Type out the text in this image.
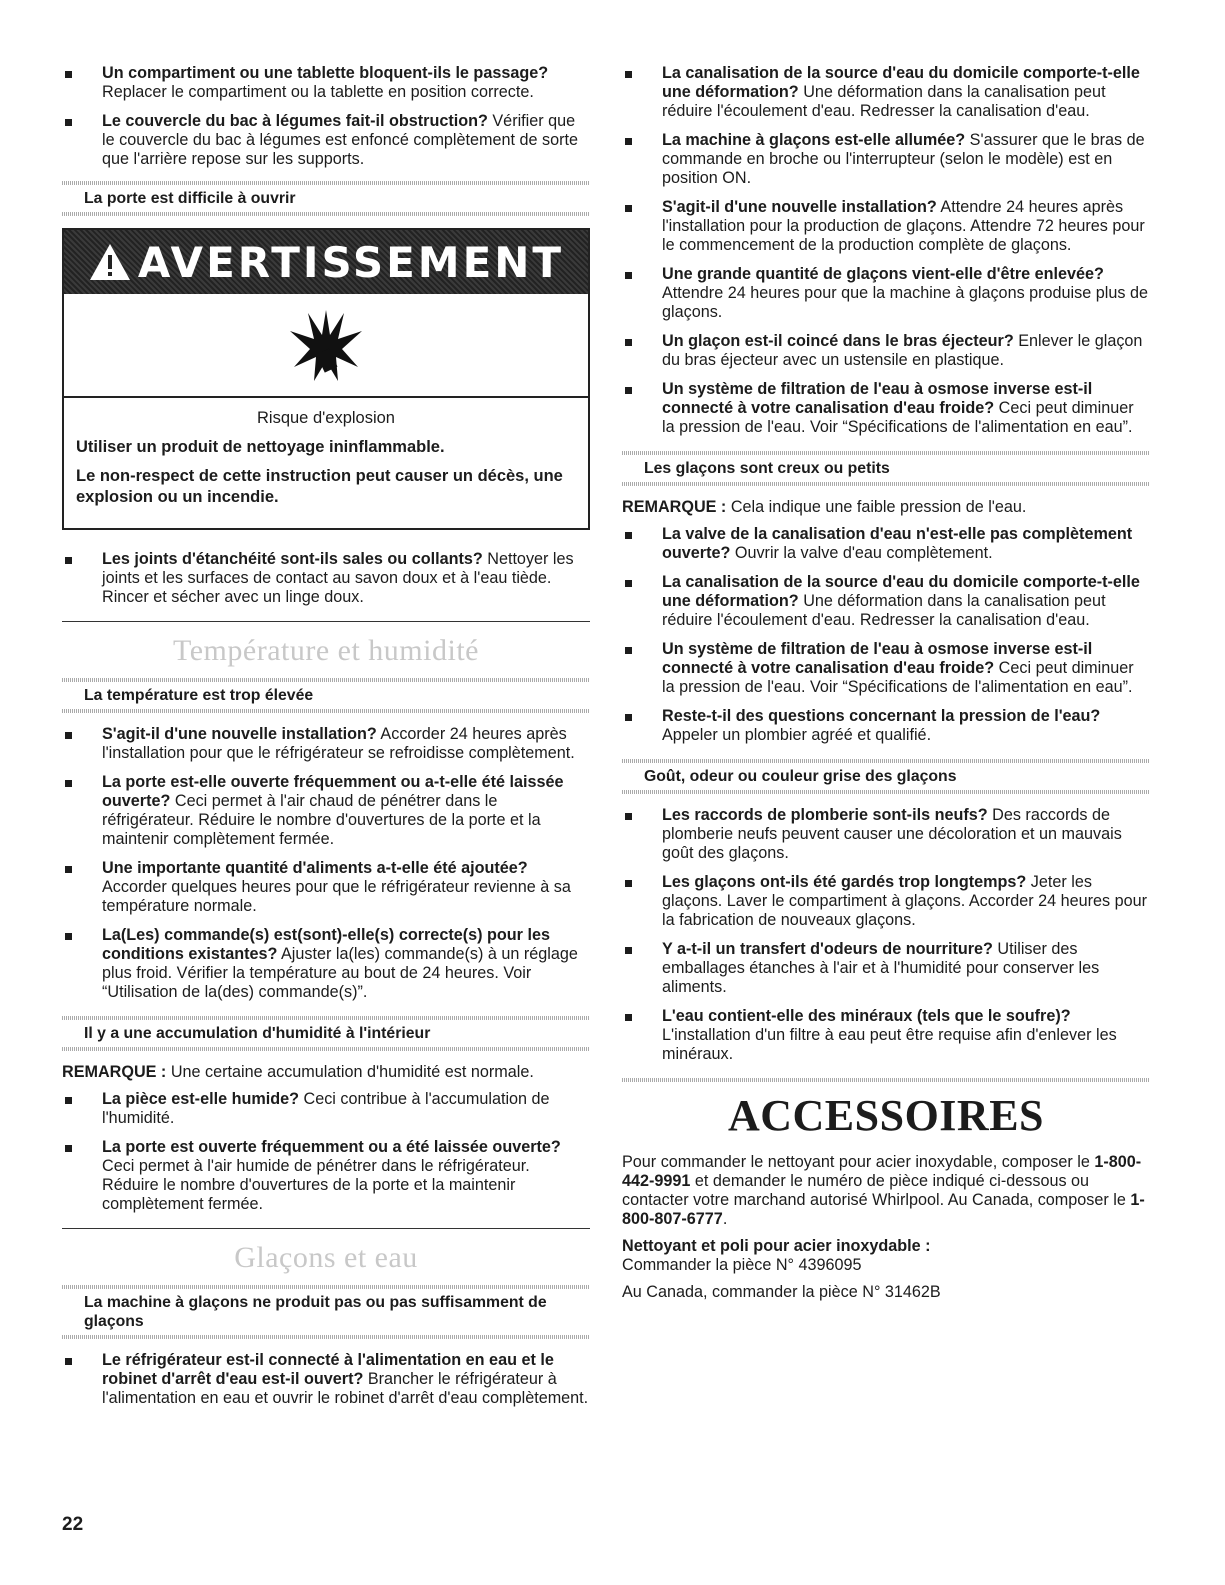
Un compartiment ou une tablette bloquent-ils le passage? Replacer le compartiment ou la tablette en position correcte.

Le couvercle du bac à légumes fait-il obstruction? Vérifier que le couvercle du bac à légumes est enfoncé complètement de sorte que l'arrière repose sur les supports.

La porte est difficile à ouvrir
AVERTISSEMENT

Risque d'explosion

Utiliser un produit de nettoyage ininflammable.

Le non-respect de cette instruction peut causer un décès, une explosion ou un incendie.

Les joints d'étanchéité sont-ils sales ou collants? Nettoyer les joints et les surfaces de contact au savon doux et à l'eau tiède. Rincer et sécher avec un linge doux.

Température et humidité
La température est trop élevée

S'agit-il d'une nouvelle installation? Accorder 24 heures après l'installation pour que le réfrigérateur se refroidisse complètement.

La porte est-elle ouverte fréquemment ou a-t-elle été laissée ouverte? Ceci permet à l'air chaud de pénétrer dans le réfrigérateur. Réduire le nombre d'ouvertures de la porte et la maintenir complètement fermée.

Une importante quantité d'aliments a-t-elle été ajoutée? Accorder quelques heures pour que le réfrigérateur revienne à sa température normale.

La(Les) commande(s) est(sont)-elle(s) correcte(s) pour les conditions existantes? Ajuster la(les) commande(s) à un réglage plus froid. Vérifier la température au bout de 24 heures. Voir “Utilisation de la(des) commande(s)”.

Il y a une accumulation d'humidité à l'intérieur

REMARQUE : Une certaine accumulation d'humidité est normale.

La pièce est-elle humide? Ceci contribue à l'accumulation de l'humidité.

La porte est ouverte fréquemment ou a été laissée ouverte? Ceci permet à l'air humide de pénétrer dans le réfrigérateur. Réduire le nombre d'ouvertures de la porte et la maintenir complètement fermée.

Glaçons et eau
La machine à glaçons ne produit pas ou pas suffisamment de glaçons

Le réfrigérateur est-il connecté à l'alimentation en eau et le robinet d'arrêt d'eau est-il ouvert? Brancher le réfrigérateur à l'alimentation en eau et ouvrir le robinet d'arrêt d'eau complètement.

La canalisation de la source d'eau du domicile comporte-t-elle une déformation? Une déformation dans la canalisation peut réduire l'écoulement d'eau. Redresser la canalisation d'eau.

La machine à glaçons est-elle allumée? S'assurer que le bras de commande en broche ou l'interrupteur (selon le modèle) est en position ON.

S'agit-il d'une nouvelle installation? Attendre 24 heures après l'installation pour la production de glaçons. Attendre 72 heures pour le commencement de la production complète de glaçons.

Une grande quantité de glaçons vient-elle d'être enlevée? Attendre 24 heures pour que la machine à glaçons produise plus de glaçons.

Un glaçon est-il coincé dans le bras éjecteur? Enlever le glaçon du bras éjecteur avec un ustensile en plastique.

Un système de filtration de l'eau à osmose inverse est-il connecté à votre canalisation d'eau froide? Ceci peut diminuer la pression de l'eau. Voir “Spécifications de l'alimentation en eau”.

Les glaçons sont creux ou petits

REMARQUE : Cela indique une faible pression de l'eau.

La valve de la canalisation d'eau n'est-elle pas complètement ouverte? Ouvrir la valve d'eau complètement.

La canalisation de la source d'eau du domicile comporte-t-elle une déformation? Une déformation dans la canalisation peut réduire l'écoulement d'eau. Redresser la canalisation d'eau.

Un système de filtration de l'eau à osmose inverse est-il connecté à votre canalisation d'eau froide? Ceci peut diminuer la pression de l'eau. Voir “Spécifications de l'alimentation en eau”.

Reste-t-il des questions concernant la pression de l'eau? Appeler un plombier agréé et qualifié.

Goût, odeur ou couleur grise des glaçons

Les raccords de plomberie sont-ils neufs? Des raccords de plomberie neufs peuvent causer une décoloration et un mauvais goût des glaçons.

Les glaçons ont-ils été gardés trop longtemps? Jeter les glaçons. Laver le compartiment à glaçons. Accorder 24 heures pour la fabrication de nouveaux glaçons.

Y a-t-il un transfert d'odeurs de nourriture? Utiliser des emballages étanches à l'air et à l'humidité pour conserver les aliments.

L'eau contient-elle des minéraux (tels que le soufre)? L'installation d'un filtre à eau peut être requise afin d'enlever les minéraux.

ACCESSOIRES

Pour commander le nettoyant pour acier inoxydable, composer le 1-800-442-9991 et demander le numéro de pièce indiqué ci-dessous ou contacter votre marchand autorisé Whirlpool. Au Canada, composer le 1-800-807-6777.

Nettoyant et poli pour acier inoxydable :

Commander la pièce N° 4396095

Au Canada, commander la pièce N° 31462B

22
